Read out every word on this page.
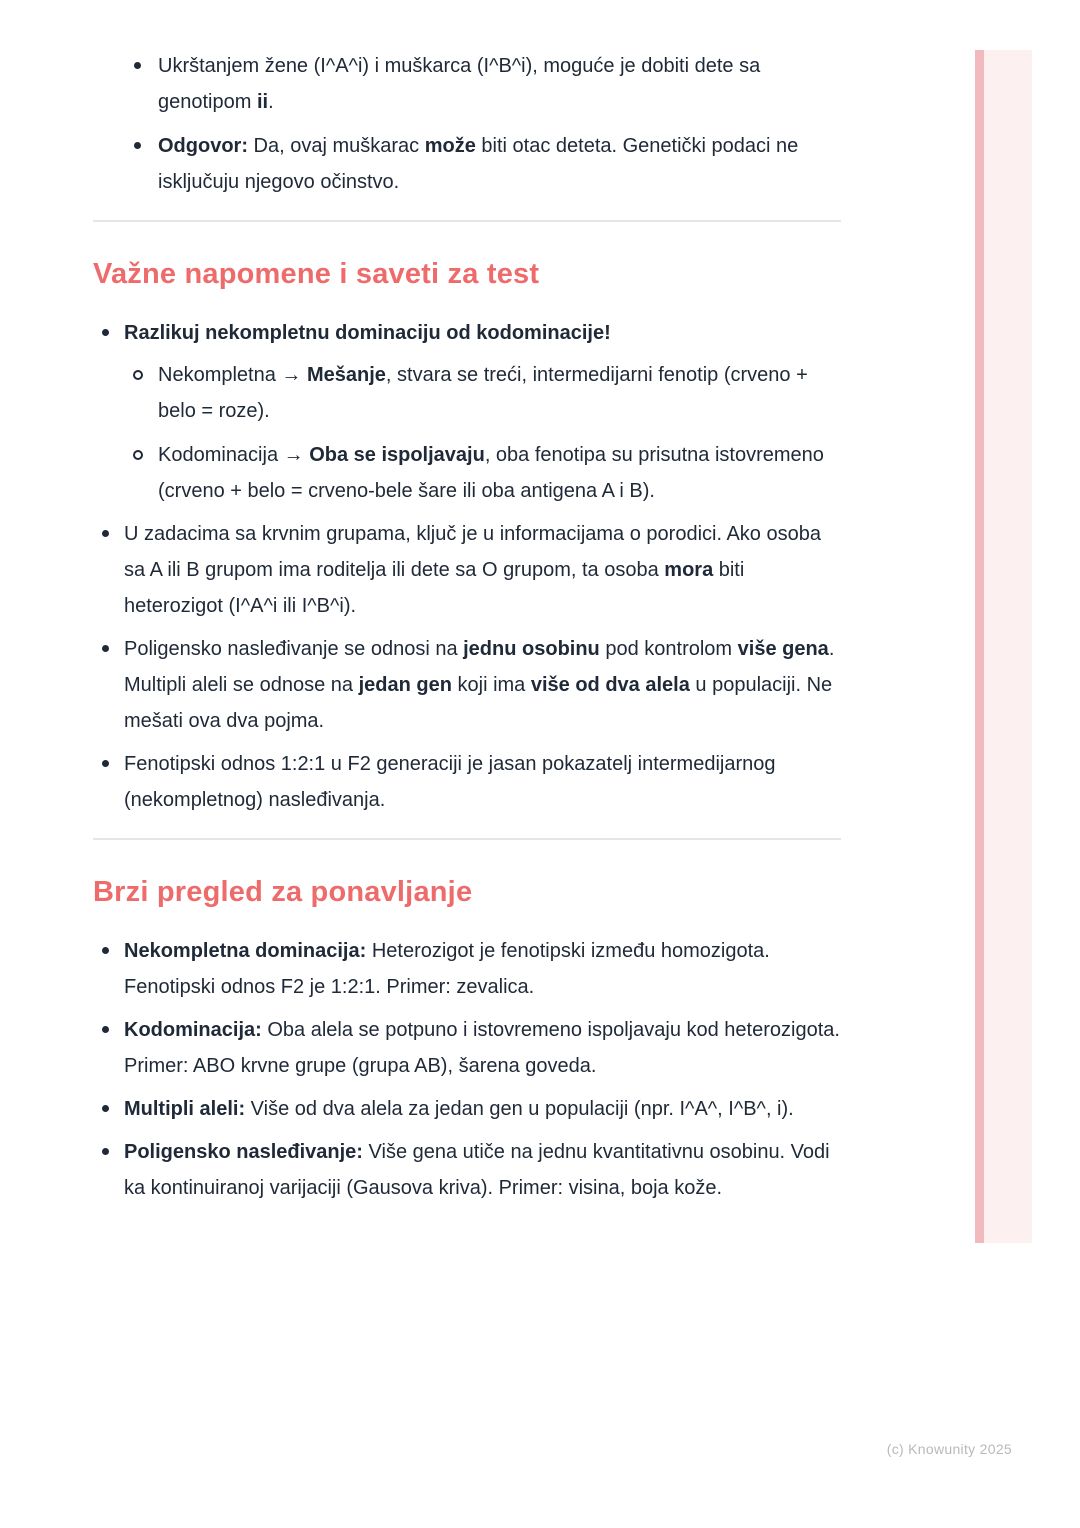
Ukrštanjem žene (I^A^i) i muškarca (I^B^i), moguće je dobiti dete sa genotipom ii.
Odgovor: Da, ovaj muškarac može biti otac deteta. Genetički podaci ne isključuju njegovo očinstvo.
Važne napomene i saveti za test
Razlikuj nekompletnu dominaciju od kodominacije!
Nekompletna → Mešanje, stvara se treći, intermedijarni fenotip (crveno + belo = roze).
Kodominacija → Oba se ispoljavaju, oba fenotipa su prisutna istovremeno (crveno + belo = crveno-bele šare ili oba antigena A i B).
U zadacima sa krvnim grupama, ključ je u informacijama o porodici. Ako osoba sa A ili B grupom ima roditelja ili dete sa O grupom, ta osoba mora biti heterozigot (I^A^i ili I^B^i).
Poligensko nasleđivanje se odnosi na jednu osobinu pod kontrolom više gena. Multipli aleli se odnose na jedan gen koji ima više od dva alela u populaciji. Ne mešati ova dva pojma.
Fenotipski odnos 1:2:1 u F2 generaciji je jasan pokazatelj intermedijarnog (nekompletnog) nasleđivanja.
Brzi pregled za ponavljanje
Nekompletna dominacija: Heterozigot je fenotipski između homozigota. Fenotipski odnos F2 je 1:2:1. Primer: zevalica.
Kodominacija: Oba alela se potpuno i istovremeno ispoljavaju kod heterozigota. Primer: ABO krvne grupe (grupa AB), šarena goveda.
Multipli aleli: Više od dva alela za jedan gen u populaciji (npr. I^A^, I^B^, i).
Poligensko nasleđivanje: Više gena utiče na jednu kvantitativnu osobinu. Vodi ka kontinuiranoj varijaciji (Gausova kriva). Primer: visina, boja kože.
(c) Knowunity 2025
